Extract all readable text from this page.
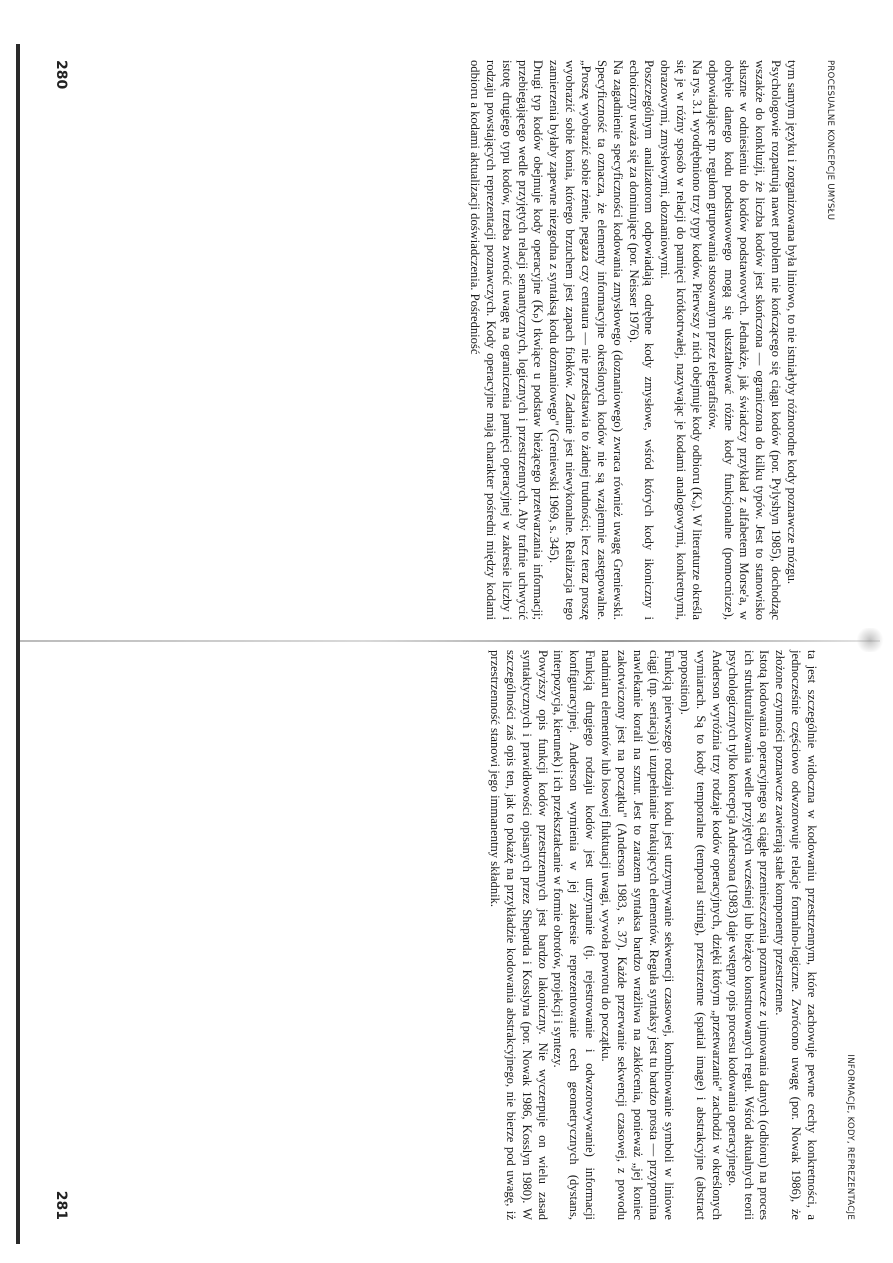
PROCESUALNE KONCEPCJE UMYSŁU

tym samym języku i zorganizowana była liniowo, to nie istniałyby różnorodne kody poznawcze mózgu.

Psychologowie rozpatrują nawet problem nie kończącego się ciągu kodów (por. Pylyshyn 1985), dochodząc wszakże do konkluzji, że liczba kodów jest skończona — ograniczona do kilku typów. Jest to stanowisko słuszne w odniesieniu do kodów podstawowych. Jednakże, jak świadczy przykład z alfabetem Morse'a, w obrębie danego kodu podstawowego mogą się ukształtować różne kody funkcjonalne (pomocnicze), odpowiadające np. regułom grupowania stosowanym przez telegrafistów.

Na rys. 3.1 wyodrębniono trzy typy kodów. Pierwszy z nich obejmuje kody odbioru (Kₒ). W literaturze określa się je w różny sposób w relacji do pamięci krótkotrwałej, nazywając je kodami analogowymi, konkretnymi, obrazowymi, zmysłowymi, doznaniowymi.

Poszczególnym analizatorom odpowiadają odrębne kody zmysłowe, wśród których kody ikoniczny i echoiczny uważa się za dominujące (por. Neisser 1976).

Na zagadnienie specyficzności kodowania zmysłowego (doznaniowego) zwraca również uwagę Greniewski. Specyficzność ta oznacza, że elementy informacyjne określonych kodów nie są wzajemnie zastępowalne. „Proszę wyobrazić sobie rżenie, pegaza czy centaura — nie przedstawia to żadnej trudności; lecz teraz proszę wyobrazić sobie konia, którego brzuchem jest zapach fiołków. Zadanie jest niewykonalne. Realizacja tego zamierzenia byłaby zapewne niezgodna z syntaksą kodu doznaniowego" (Greniewski 1969, s. 345).

Drugi typ kodów obejmuje kody operacyjne (Kₚ) tkwiące u podstaw bieżącego przetwarzania informacji; przebiegającego wedle przyjętych relacji semantycznych, logicznych i przestrzennych. Aby trafnie uchwycić istotę drugiego typu kodów, trzeba zwrócić uwagę na ograniczenia pamięci operacyjnej w zakresie liczby i rodzaju powstających reprezentacji poznawczych. Kody operacyjne mają charakter pośredni między kodami odbioru a kodami aktualizacji doświadczenia. Pośredniość

280
INFORMACJE, KODY, REPREZENTACJE

ta jest szczególnie widoczna w kodowaniu przestrzennym, które zachowuje pewne cechy konkretności, a jednocześnie częściowo odwzorowuje relacje formalno-logiczne. Zwrócono uwagę (por. Nowak 1986), że złożone czynności poznawcze zawierają stałe komponenty przestrzenne.

Istotą kodowania operacyjnego są ciągłe przemieszczenia pozmawcze z ujmowania danych (odbioru) na proces ich strukturalizowania wedle przyjętych wcześniej lub bieżąco konstruowanych reguł. Wśród aktualnych teorii psychologicznych tylko koncepcja Andersona (1983) daje wstępny opis procesu kodowania operacyjnego.

Anderson wyróżnia trzy rodzaje kodów operacyjnych, dzięki którym „przetwarzanie" zachodzi w określonych wymiarach. Są to kody temporalne (temporal string), przestrzenne (spatial image) i abstrakcyjne (abstract proposition).

Funkcją pierwszego rodzaju kodu jest utrzymywanie sekwencji czasowej, kombinowanie symboli w liniowe ciągi (np. seriacja) i uzupełnianie brakujących elementów. Reguła syntaksy jest tu bardzo prosta — przypomina nawlekanie korali na sznur. Jest to zarazem syntaksa bardzo wrażliwa na zakłócenia, ponieważ „jej koniec zakotwiczony jest na początku" (Anderson 1983, s. 37). Każde przerwanie sekwencji czasowej, z powodu nadmiaru elementów lub losowej fluktuacji uwagi, wywoła powrotu do początku.

Funkcją drugiego rodzaju kodów jest utrzymanie (tj. rejestrowanie i odwzorowywanie) informacji konfiguracyjnej. Anderson wymienia w jej zakresie reprezentowanie cech geometrycznych (dystans, interpozycja, kierunek) i ich przekształcanie w formie obrotów, projekcji i syntezy.

Powyższy opis funkcji kodów przestrzennych jest bardzo lakoniczny. Nie wyczerpuje on wielu zasad syntaktycznych i prawidłowości opisanych przez Sheparda i Kosslyna (por. Nowak 1986, Kosslyn 1980). W szczególności zaś opis ten, jak to pokażę na przykładzie kodowania abstrakcyjnego, nie bierze pod uwagę, iż przestrzenność stanowi jego immanentny składnik.

281
